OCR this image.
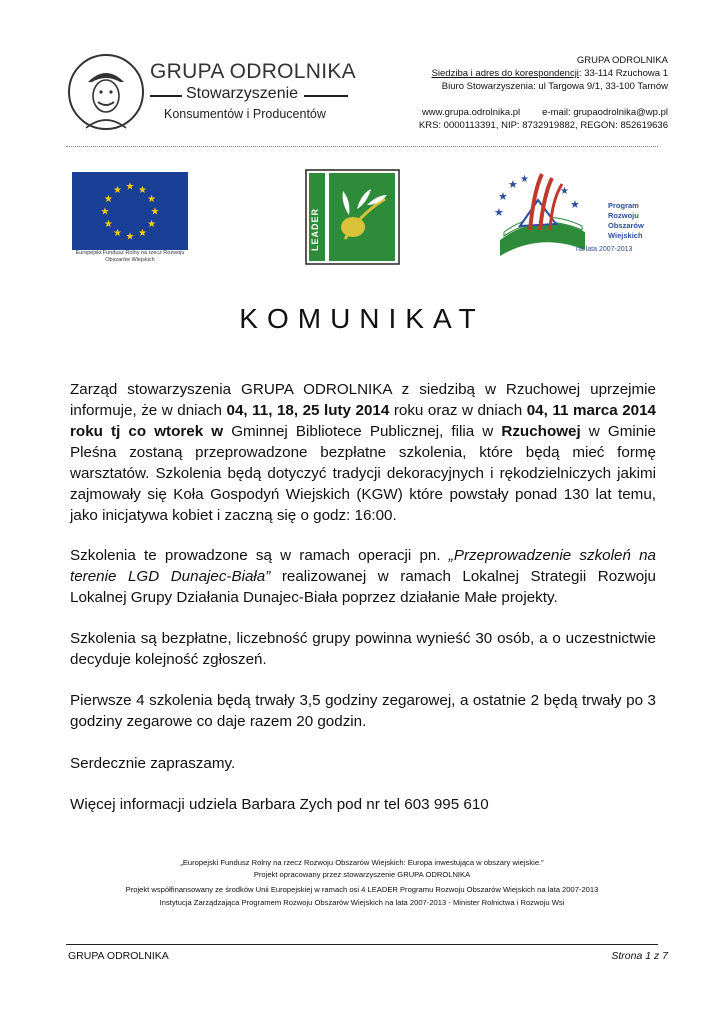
GRUPA ODROLNIKA
Stowarzyszenie
Konsumentów i Producentów
GRUPA ODROLNIKA
Siedziba i adres do korespondencji: 33-114 Rzuchowa 1
Biuro Stowarzyszenia: ul Targowa 9/1, 33-100 Tarnów
www.grupa.odrolnika.pl e-mail: grupaodrolnika@wp.pl
KRS: 0000113391, NIP: 8732919882, REGON: 852619636
★ ★
★
★
★
★
★
★
★
★
★
★
Europejski Fundusz Rolny na rzecz Rozwoju Obszarów Wiejskich
★
★ ★
★
★
★	Program
Rozwoju
Obszarów
Wiejskich
na lata 2007-2013
KOMUNIKAT
Zarząd stowarzyszenia GRUPA ODROLNIKA z siedzibą w Rzuchowej uprzejmie informuje, że w dniach 04, 11, 18, 25 luty 2014 roku oraz w dniach 04, 11 marca 2014 roku tj co wtorek w Gminnej Bibliotece Publicznej, filia w Rzuchowej w Gminie Pleśna zostaną przeprowadzone bezpłatne szkolenia, które będą mieć formę warsztatów. Szkolenia będą dotyczyć tradycji dekoracyjnych i rękodzielniczych jakimi zajmowały się Koła Gospodyń Wiejskich (KGW) które powstały ponad 130 lat temu, jako inicjatywa kobiet i zaczną się o godz: 16:00.
Szkolenia te prowadzone są w ramach operacji pn. „Przeprowadzenie szkoleń na terenie LGD Dunajec-Biała” realizowanej w ramach Lokalnej Strategii Rozwoju Lokalnej Grupy Działania Dunajec-Biała poprzez działanie Małe projekty.
Szkolenia są bezpłatne, liczebność grupy powinna wynieść 30 osób, a o uczestnictwie decyduje kolejność zgłoszeń.
Pierwsze 4 szkolenia będą trwały 3,5 godziny zegarowej, a ostatnie 2 będą trwały po 3 godziny zegarowe co daje razem 20 godzin.
Serdecznie zapraszamy.
Więcej informacji udziela Barbara Zych pod nr tel 603 995 610
„Europejski Fundusz Rolny na rzecz Rozwoju Obszarów Wiejskich: Europa inwestująca w obszary wiejskie.”
Projekt opracowany przez stowarzyszenie GRUPA ODROLNIKA
Projekt współfinansowany ze środków Unii Europejskiej w ramach osi 4 LEADER Programu Rozwoju Obszarów Wiejskich na lata 2007-2013
Instytucja Zarządzająca Programem Rozwoju Obszarów Wiejskich na lata 2007-2013 - Minister Rolnictwa i Rozwoju Wsi
GRUPA ODROLNIKA	Strona 1 z 7
